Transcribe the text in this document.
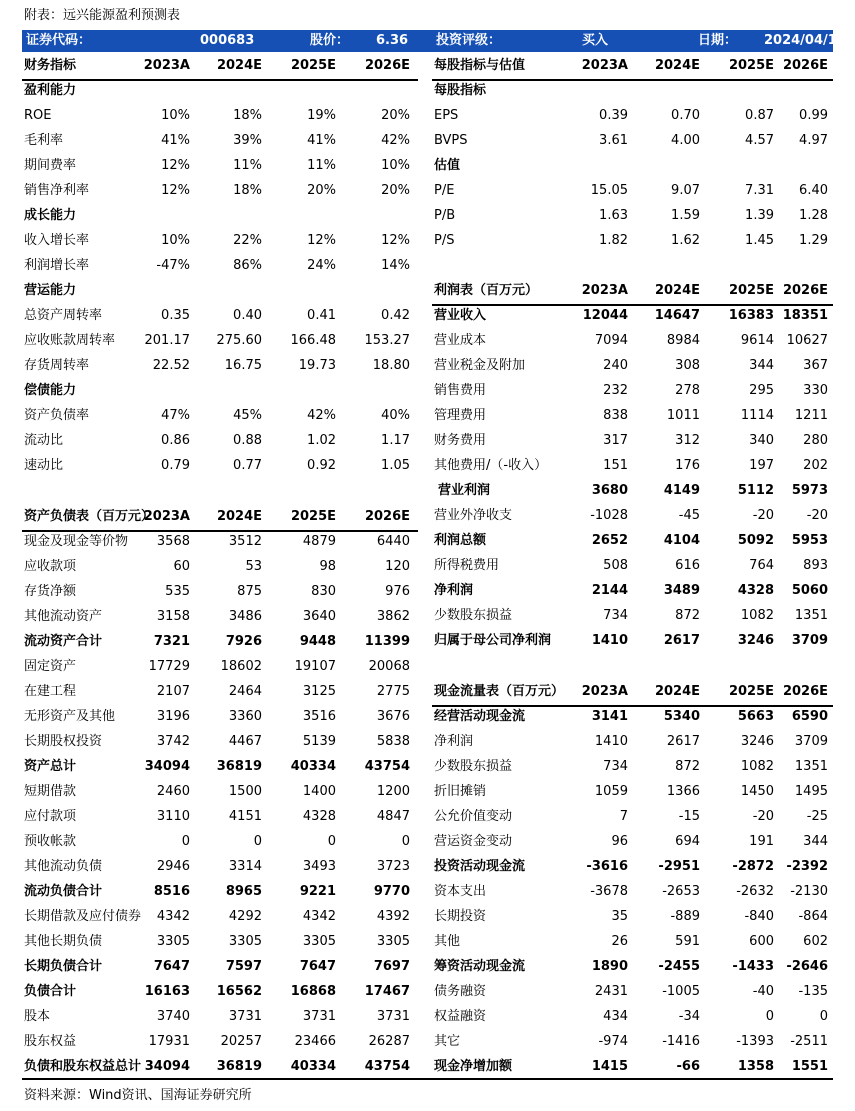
附表：远兴能源盈利预测表
证券代码：	000683	股价： 6.36 投资评级：	买入	日期： 2024/04/16
财务指标	2023A	2024E	2025E	2026E
盈利能力
ROE	10%	18%	19%	20%
毛利率	41%	39%	41%	42%
期间费率	12%	11%	11%	10%
销售净利率	12%	18%	20%	20%
成长能力
收入增长率	10%	22%	12%	12%
利润增长率	-47%	86%	24%	14%
营运能力
总资产周转率	0.35	0.40	0.41	0.42
应收账款周转率	201.17	275.60	166.48	153.27
存货周转率	22.52	16.75	19.73	18.80
偿债能力
资产负债率	47%	45%	42%	40%
流动比	0.86	0.88	1.02	1.17
速动比	0.79	0.77	0.92	1.05
每股指标与估值	2023A	2024E	2025E 2026E
每股指标
EPS	0.39	0.70	0.87	0.99
BVPS	3.61	4.00	4.57	4.97
估值
P/E	15.05	9.07	7.31	6.40
P/B	1.63	1.59	1.39	1.28
P/S	1.82	1.62	1.45	1.29
利润表（百万元）	2023A	2024E	2025E 2026E
营业收入	12044	14647	16383 18351
营业成本	7094	8984	9614 10627
营业税金及附加	240	308	344	367
销售费用	232	278	295	330
管理费用	838	1011	1114	1211
财务费用	317	312	340	280
其他费用/（-收入）	151	176	197	202
营业利润	3680	4149	5112	5973
营业外净收支	-1028	-45	-20	-20
利润总额	2652	4104	5092	5953
所得税费用	508	616	764	893
净利润	2144	3489	4328	5060
少数股东损益	734	872	1082	1351
归属于母公司净利润	1410	2617	3246	3709
资产负债表（百万元）
2023A	2024E	2025E	2026E
现金及现金等价物	3568	3512	4879	6440
应收款项	60	53	98	120
存货净额	535	875	830	976
其他流动资产	3158	3486	3640	3862
流动资产合计	7321	7926	9448	11399
固定资产	17729	18602	19107	20068
在建工程	2107	2464	3125	2775
无形资产及其他	3196	3360	3516	3676
长期股权投资	3742	4467	5139	5838
资产总计	34094	36819	40334	43754
短期借款	2460	1500	1400	1200
应付款项	3110	4151	4328	4847
预收帐款	0	0	0	0
其他流动负债	2946	3314	3493	3723
流动负债合计	8516	8965	9221	9770
长期借款及应付债券	4342	4292	4342	4392
其他长期负债	3305	3305	3305	3305
长期负债合计	7647	7597	7647	7697
负债合计	16163	16562	16868	17467
股本	3740	3731	3731	3731
股东权益	17931	20257	23466	26287
负债和股东权益总计 34094	36819	40334	43754
现金流量表（百万元）	2023A	2024E	2025E 2026E
经营活动现金流	3141	5340	5663	6590
净利润	1410	2617	3246	3709
少数股东损益	734	872	1082	1351
折旧摊销	1059	1366	1450	1495
公允价值变动	7	-15	-20	-25
营运资金变动	96	694	191	344
投资活动现金流	-3616	-2951	-2872 -2392
资本支出	-3678	-2653	-2632	-2130
长期投资	35	-889	-840	-864
其他	26	591	600	602
筹资活动现金流	1890	-2455	-1433 -2646
债务融资	2431	-1005	-40	-135
权益融资	434	-34	0	0
其它	-974	-1416	-1393	-2511
现金净增加额	1415	-66	1358	1551
资料来源：Wind资讯、国海证券研究所
